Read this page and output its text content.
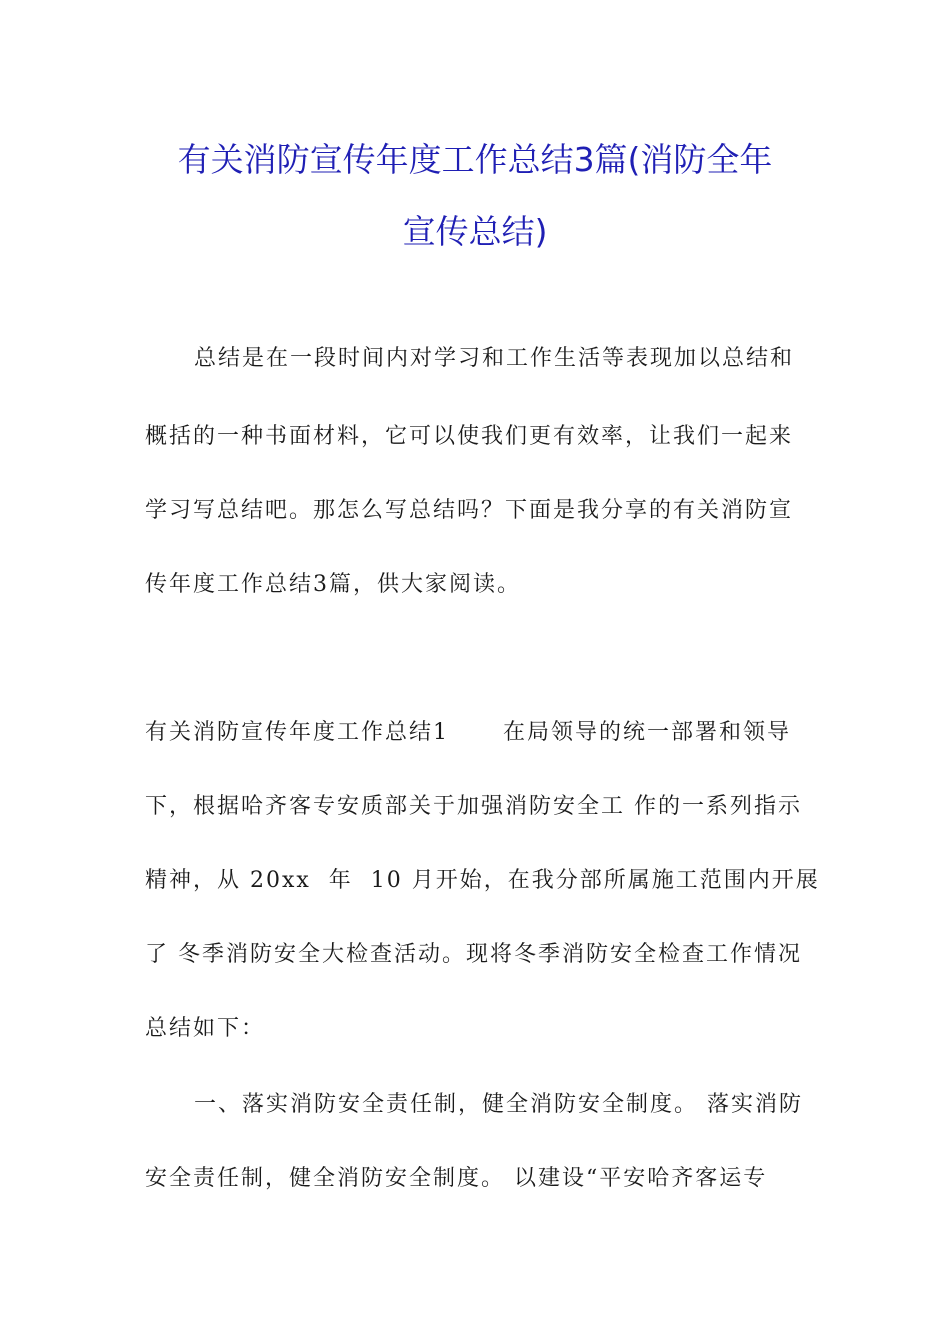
有关消防宣传年度工作总结3篇(消防全年
宣传总结)
总结是在一段时间内对学习和工作生活等表现加以总结和
概括的一种书面材料，它可以使我们更有效率，让我们一起来
学习写总结吧。那怎么写总结吗？下面是我分享的有关消防宣
传年度工作总结3篇，供大家阅读。
有关消防宣传年度工作总结1      在局领导的统一部署和领导
下，根据哈齐客专安质部关于加强消防安全工 作的一系列指示
精神，从 20xx  年  10 月开始，在我分部所属施工范围内开展
了 冬季消防安全大检查活动。现将冬季消防安全检查工作情况
总结如下：
一、落实消防安全责任制，健全消防安全制度。 落实消防
安全责任制，健全消防安全制度。 以建设“平安哈齐客运专
